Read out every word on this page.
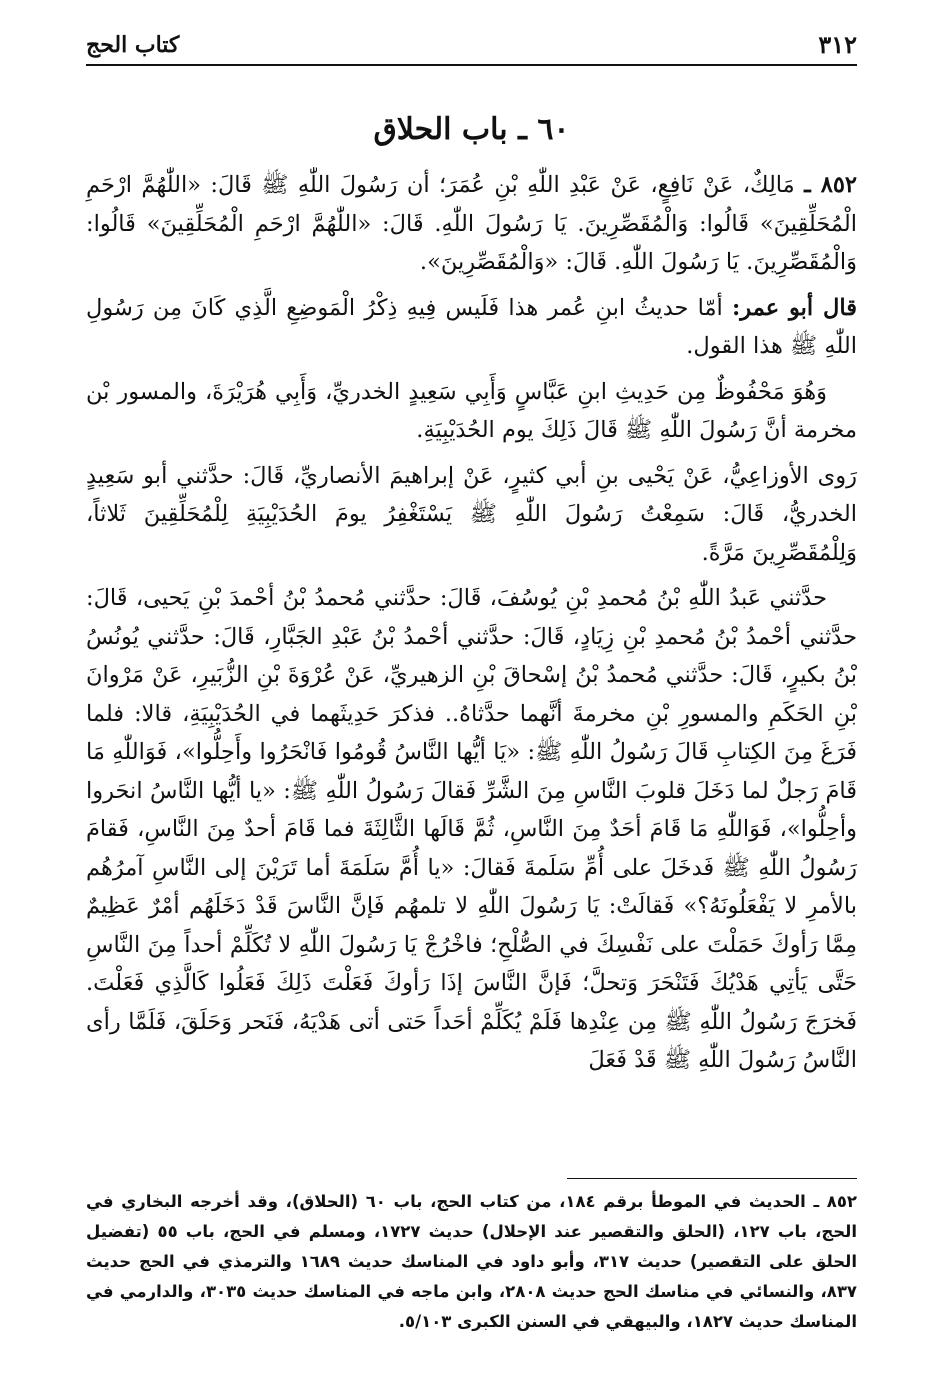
٣١٢
كتاب الحج
٦٠ ـ باب الحلاق

٨٥٢ ـ مَالِكٌ، عَنْ نَافِعٍ، عَنْ عَبْدِ اللّٰهِ بْنِ عُمَرَ؛ أن رَسُولَ اللّٰهِ ﷺ قَالَ: «اللّٰهُمَّ ارْحَمِ الْمُحَلِّقِينَ» قَالُوا: وَالْمُقَصِّرِينَ. يَا رَسُولَ اللّٰهِ. قَالَ: «اللّٰهُمَّ ارْحَمِ الْمُحَلِّقِينَ» قَالُوا: وَالْمُقَصِّرِينَ. يَا رَسُولَ اللّٰهِ. قَالَ: «وَالْمُقَصِّرِينَ».

قال أبو عمر: أمّا حديثُ ابنِ عُمر هذا فَلَيس فِيهِ ذِكْرُ الْمَوضِعِ الَّذِي كَانَ مِن رَسُولِ اللّٰهِ ﷺ هذا القول.

وَهُوَ مَحْفُوظٌ مِن حَدِيثِ ابنِ عَبَّاسٍ وَأَبِي سَعِيدٍ الخدريِّ، وَأَبِي هُرَيْرَةَ، والمسور بْن مخرمة أنَّ رَسُولَ اللّٰهِ ﷺ قَالَ ذَلِكَ يوم الحُدَيْبِيَةِ.

رَوى الأوزاعِيُّ، عَنْ يَحْيى بنِ أبي كثيرٍ، عَنْ إبراهيمَ الأنصاريِّ، قَالَ: حدَّثني أبو سَعِيدٍ الخدريُّ، قَالَ: سَمِعْتُ رَسُولَ اللّٰهِ ﷺ يَسْتَغْفِرُ يومَ الحُدَيْبِيَةِ لِلْمُحَلِّقِينَ ثَلاثاً، وَلِلْمُقَصِّرِينَ مَرَّةً.

حدَّثني عَبدُ اللّٰهِ بْنُ مُحمدِ بْنِ يُوسُفَ، قَالَ: حدَّثني مُحمدُ بْنُ أحْمدَ بْنِ يَحيى، قَالَ: حدَّثني أحْمدُ بْنُ مُحمدِ بْنِ زِيَادٍ، قَالَ: حدَّثني أحْمدُ بْنُ عَبْدِ الجَبَّارِ، قَالَ: حدَّثني يُونُسُ بْنُ بكيرٍ، قَالَ: حدَّثني مُحمدُ بْنُ إسْحاقَ بْنِ الزهيريِّ، عَنْ عُرْوَةَ بْنِ الزُّبَيرِ، عَنْ مَرْوانَ بْنِ الحَكَمِ والمسورِ بْنِ مخرمةَ أنَّهما حدَّثاهُ.. فذكرَ حَدِيثَهما في الحُدَيْبِيَةِ، قالا: فلما فَرَغَ مِنَ الكِتابِ قَالَ رَسُولُ اللّٰهِ ﷺ: «يَا أيُّها النَّاسُ قُومُوا فَانْحَرُوا وأَحِلُّوا»، فَوَاللّٰهِ مَا قَامَ رَجلٌ لما دَخَلَ قلوبَ النَّاسِ مِنَ الشَّرِّ فَقالَ رَسُولُ اللّٰهِ ﷺ: «يا أيُّها النَّاسُ انحَروا وأحِلُّوا»، فَوَاللّٰهِ مَا قَامَ أحَدٌ مِنَ النَّاسِ، ثُمَّ قَالَها الثَّالِثَةَ فما قَامَ أحدٌ مِنَ النَّاسِ، فَقامَ رَسُولُ اللّٰهِ ﷺ فَدخَلَ على أُمِّ سَلَمةَ فَقالَ: «يا أُمَّ سَلَمَةَ أما تَرَيْنَ إلى النَّاسِ آمرُهُم بالأمرِ لا يَفْعَلُونَهُ؟» فَقالَتْ: يَا رَسُولَ اللّٰهِ لا تلمهُم فَإنَّ النَّاسَ قَدْ دَخَلَهُم أمْرٌ عَظِيمٌ مِمَّا رَأوكَ حَمَلْتَ على نَفْسِكَ في الصُّلْحِ؛ فاخْرُجْ يَا رَسُولَ اللّٰهِ لا تُكَلِّمْ أحداً مِنَ النَّاسِ حَتَّى يَأتِي هَدْيُكَ فَتَنْحَرَ وَتحلَّ؛ فَإنَّ النَّاسَ إذَا رَأوكَ فَعَلْتَ ذَلِكَ فَعَلُوا كَالَّذِي فَعَلْتَ. فَخرَجَ رَسُولُ اللّٰهِ ﷺ مِن عِنْدِها فَلَمْ يُكَلِّمْ أحَداً حَتى أتى هَدْيَهُ، فَنَحر وَحَلَقَ، فَلَمَّا رأى النَّاسُ رَسُولَ اللّٰهِ ﷺ قَدْ فَعَلَ

٨٥٢ ـ الحديث في الموطأ برقم ١٨٤، من كتاب الحج، باب ٦٠ (الحلاق)، وقد أخرجه البخاري في الحج، باب ١٢٧، (الحلق والتقصير عند الإحلال) حديث ١٧٢٧، ومسلم في الحج، باب ٥٥ (تفضيل الحلق على التقصير) حديث ٣١٧، وأبو داود في المناسك حديث ١٦٨٩ والترمذي في الحج حديث ٨٣٧، والنسائي في مناسك الحج حديث ٢٨٠٨، وابن ماجه في المناسك حديث ٣٠٣٥، والدارمي في المناسك حديث ١٨٢٧، والبيهقي في السنن الكبرى ٥/١٠٣.
